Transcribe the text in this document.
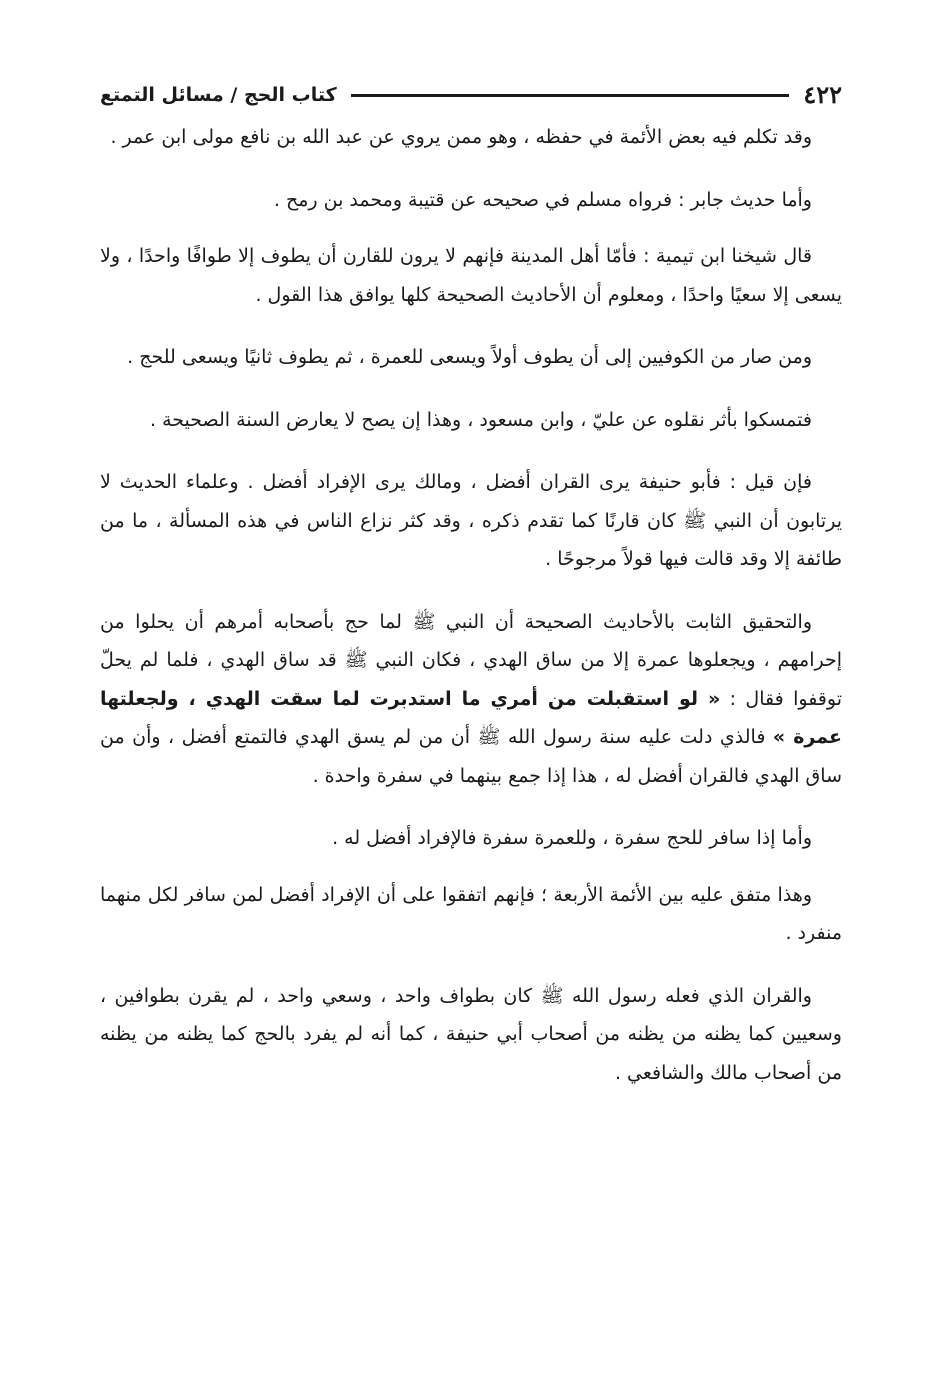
٤٢٢
كتاب الحج / مسائل التمتع

وقد تكلم فيه بعض الأئمة في حفظه ، وهو ممن يروي عن عبد الله بن نافع مولى ابن عمر .

وأما حديث جابر : فرواه مسلم في صحيحه عن قتيبة ومحمد بن رمح .

قال شيخنا ابن تيمية : فأمّا أهل المدينة فإنهم لا يرون للقارن أن يطوف إلا طوافًا واحدًا ، ولا يسعى إلا سعيًا واحدًا ، ومعلوم أن الأحاديث الصحيحة كلها يوافق هذا القول .

ومن صار من الكوفيين إلى أن يطوف أولاً ويسعى للعمرة ، ثم يطوف ثانيًا ويسعى للحج .

فتمسكوا بأثر نقلوه عن عليّ ، وابن مسعود ، وهذا إن يصح لا يعارض السنة الصحيحة .

فإن قيل : فأبو حنيفة يرى القران أفضل ، ومالك يرى الإفراد أفضل . وعلماء الحديث لا يرتابون أن النبي ﷺ كان قارنًا كما تقدم ذكره ، وقد كثر نزاع الناس في هذه المسألة ، ما من طائفة إلا وقد قالت فيها قولاً مرجوحًا .

والتحقيق الثابت بالأحاديث الصحيحة أن النبي ﷺ لما حج بأصحابه أمرهم أن يحلوا من إحرامهم ، ويجعلوها عمرة إلا من ساق الهدي ، فكان النبي ﷺ قد ساق الهدي ، فلما لم يحلّ توقفوا فقال : « لو استقبلت من أمري ما استدبرت لما سقت الهدي ، ولجعلتها عمرة » فالذي دلت عليه سنة رسول الله ﷺ أن من لم يسق الهدي فالتمتع أفضل ، وأن من ساق الهدي فالقران أفضل له ، هذا إذا جمع بينهما في سفرة واحدة .

وأما إذا سافر للحج سفرة ، وللعمرة سفرة فالإفراد أفضل له .

وهذا متفق عليه بين الأئمة الأربعة ؛ فإنهم اتفقوا على أن الإفراد أفضل لمن سافر لكل منهما منفرد .

والقران الذي فعله رسول الله ﷺ كان بطواف واحد ، وسعي واحد ، لم يقرن بطوافين ، وسعيين كما يظنه من يظنه من أصحاب أبي حنيفة ، كما أنه لم يفرد بالحج كما يظنه من يظنه من أصحاب مالك والشافعي .
